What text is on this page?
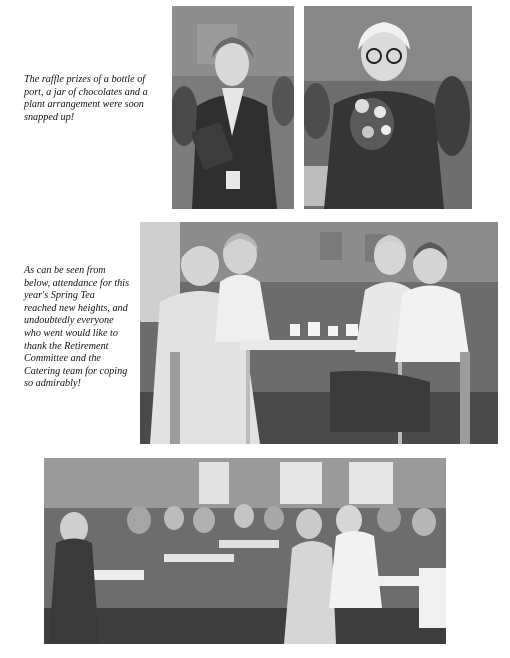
The raffle prizes of a bottle of

port, a jar of chocolates and a

plant arrangement were soon

snapped up!

As can be seen from

below, attendance for this

year's Spring Tea

reached new heights, and

undoubtedly everyone

who went would like to

thank the Retirement

Committee and the

Catering team for coping

so admirably!
